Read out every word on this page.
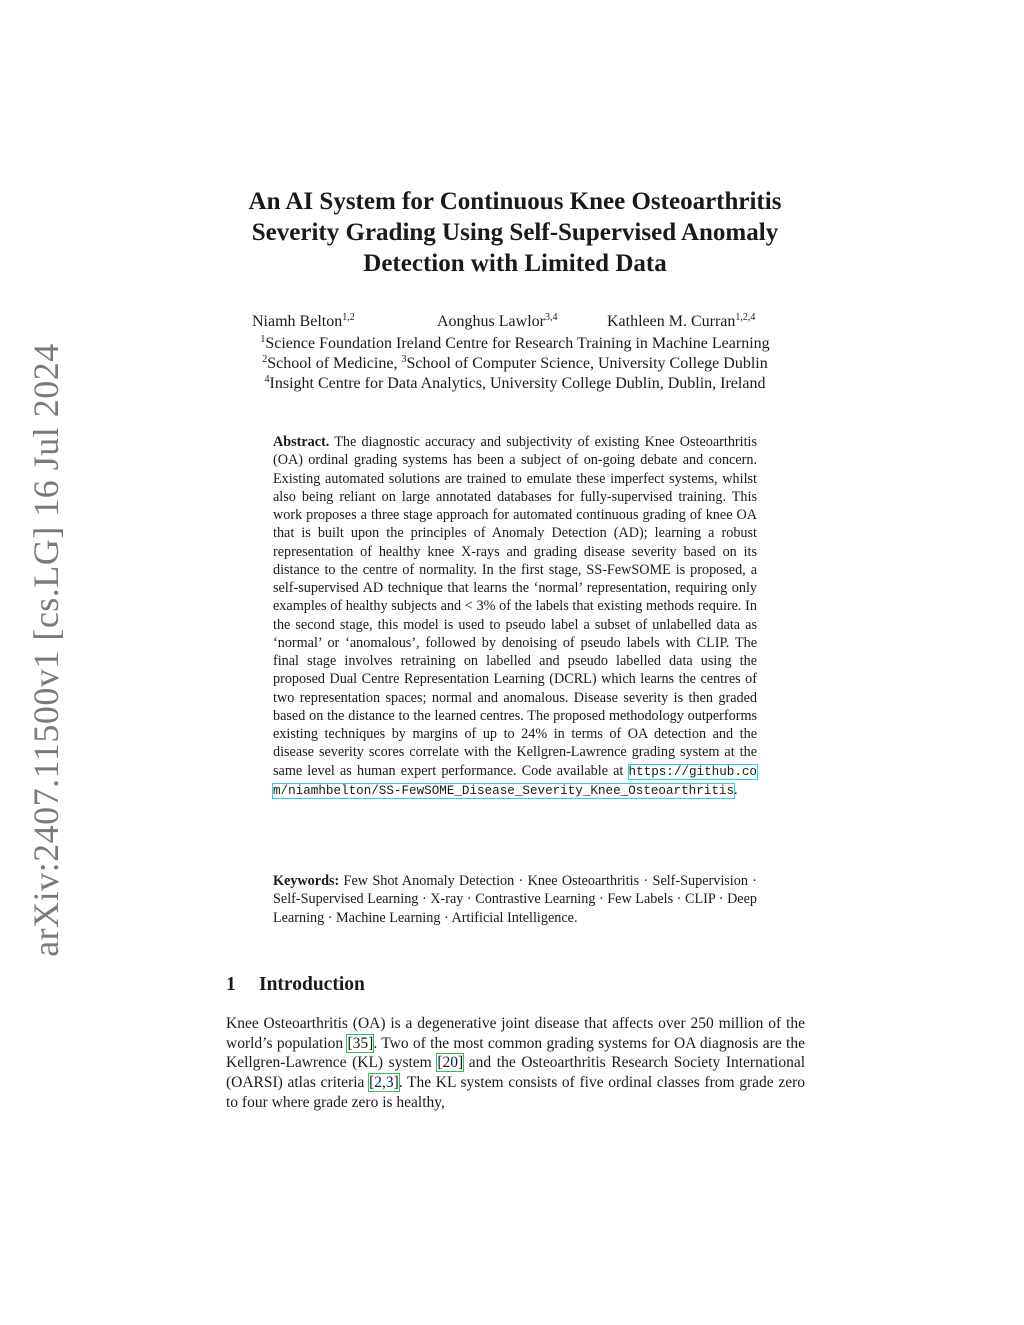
arXiv:2407.11500v1 [cs.LG] 16 Jul 2024
An AI System for Continuous Knee Osteoarthritis
Severity Grading Using Self-Supervised Anomaly
Detection with Limited Data
Niamh Belton$^{1,2}$	Aonghus Lawlor$^{3,4}$	Kathleen M. Curran$^{1,2,4}$
$^1$Science Foundation Ireland Centre for Research Training in Machine Learning
$^2$School of Medicine, $^3$School of Computer Science, University College Dublin
$^4$Insight Centre for Data Analytics, University College Dublin, Dublin, Ireland

Abstract. The diagnostic accuracy and subjectivity of existing Knee Osteoarthritis (OA) ordinal grading systems has been a subject of on-going debate and concern. Existing automated solutions are trained to emulate these imperfect systems, whilst also being reliant on large annotated databases for fully-supervised training. This work proposes a three stage approach for automated continuous grading of knee OA that is built upon the principles of Anomaly Detection (AD); learning a robust representation of healthy knee X-rays and grading disease severity based on its distance to the centre of normality. In the first stage, SS-FewSOME is proposed, a self-supervised AD technique that learns the ‘normal’ representation, requiring only examples of healthy subjects and < 3% of the labels that existing methods require. In the second stage, this model is used to pseudo label a subset of unlabelled data as ‘normal’ or ‘anomalous’, followed by denoising of pseudo labels with CLIP. The final stage involves retraining on labelled and pseudo labelled data using the proposed Dual Centre Representation Learning (DCRL) which learns the centres of two representation spaces; normal and anomalous. Disease severity is then graded based on the distance to the learned centres. The proposed methodology outperforms existing techniques by margins of up to 24% in terms of OA detection and the disease severity scores correlate with the Kellgren-Lawrence grading system at the same level as human expert performance. Code available at https://github.com/niamhbelton/SS-FewSOME_Disease_Severity_Knee_Osteoarthritis.

Keywords: Few Shot Anomaly Detection · Knee Osteoarthritis · Self-Supervision · Self-Supervised Learning · X-ray · Contrastive Learning · Few Labels · CLIP · Deep Learning · Machine Learning · Artificial Intelligence.

1 Introduction

Knee Osteoarthritis (OA) is a degenerative joint disease that affects over 250 million of the world’s population [35]. Two of the most common grading systems for OA diagnosis are the Kellgren-Lawrence (KL) system [20] and the Osteoarthritis Research Society International (OARSI) atlas criteria [2,3]. The KL system consists of five ordinal classes from grade zero to four where grade zero is healthy,
